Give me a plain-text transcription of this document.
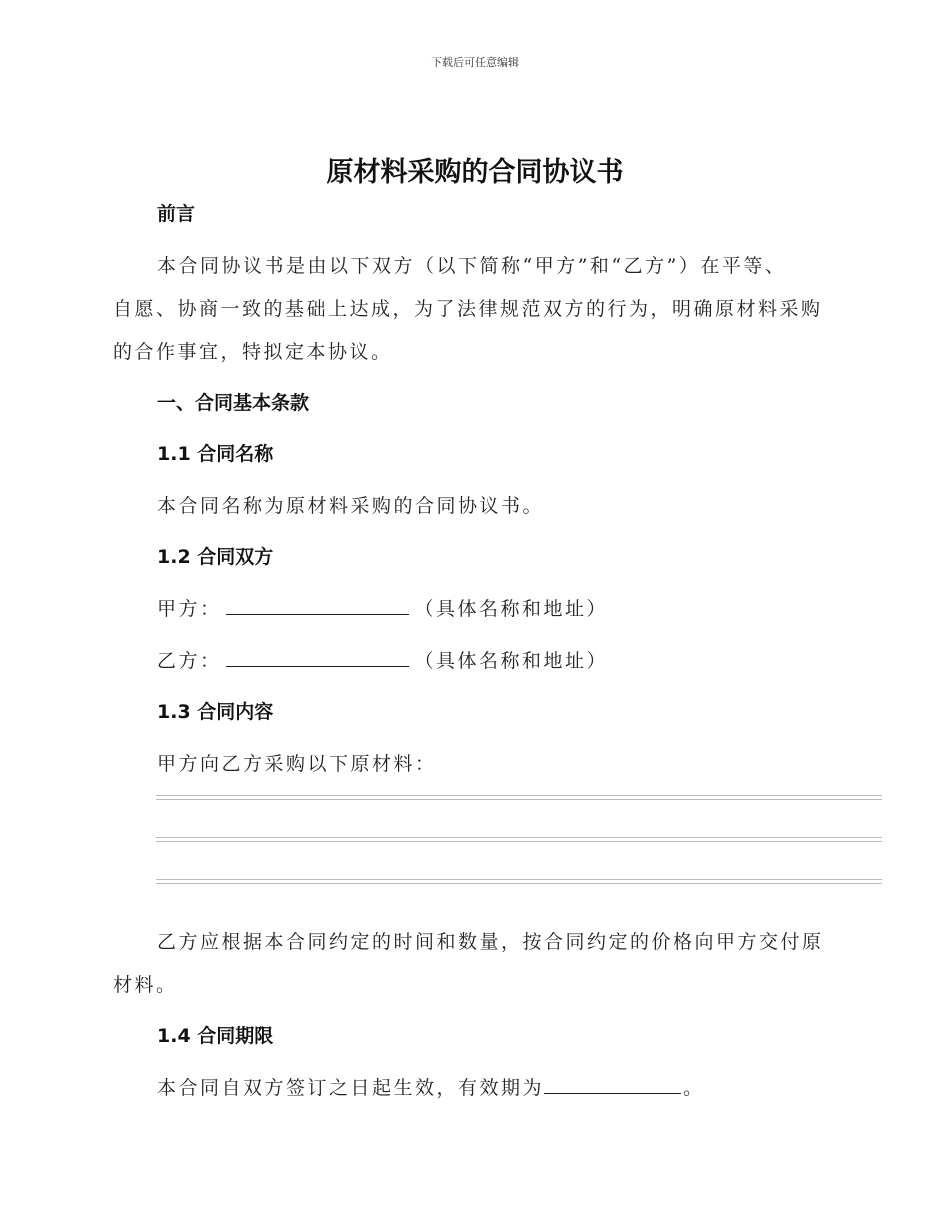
下载后可任意编辑
原材料采购的合同协议书
前言
本合同协议书是由以下双方（以下简称“甲方”和“乙方”）在平等、
自愿、协商一致的基础上达成，为了法律规范双方的行为，明确原材料采购
的合作事宜，特拟定本协议。
一、合同基本条款
1.1 合同名称
本合同名称为原材料采购的合同协议书。
1.2 合同双方
甲方：	（具体名称和地址）
乙方：	（具体名称和地址）
1.3 合同内容
甲方向乙方采购以下原材料：
乙方应根据本合同约定的时间和数量，按合同约定的价格向甲方交付原
材料。
1.4 合同期限
本合同自双方签订之日起生效，有效期为	。
